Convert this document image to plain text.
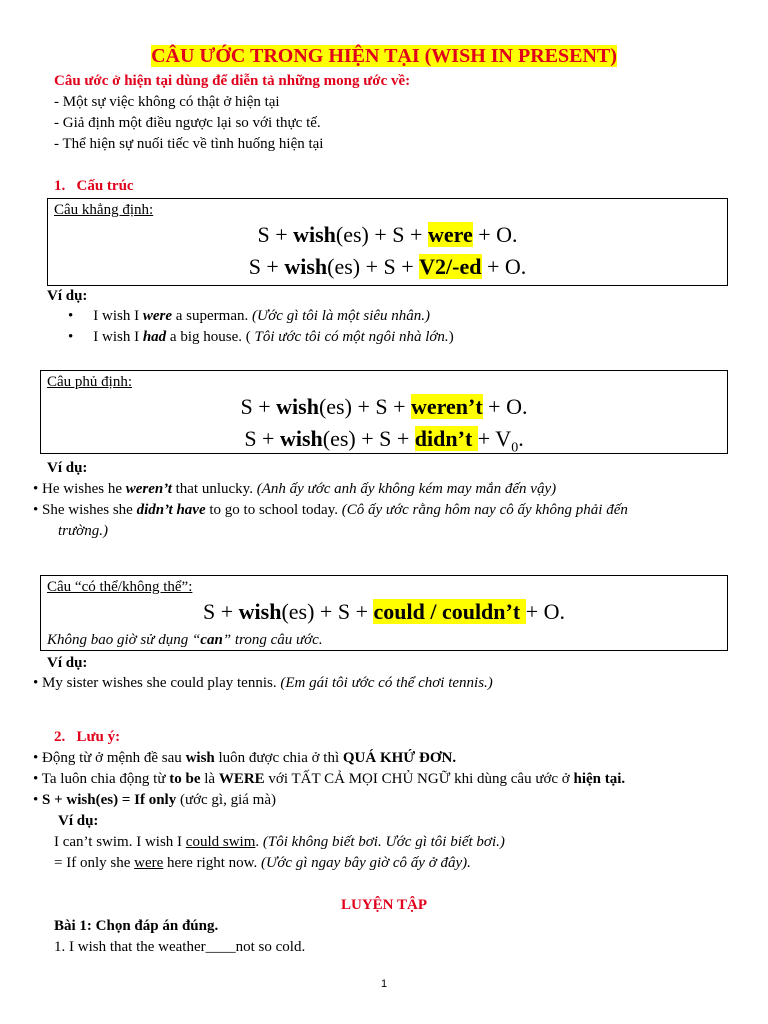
CÂU ƯỚC TRONG HIỆN TẠI (WISH IN PRESENT)
Câu ước ở hiện tại dùng để diễn tả những mong ước về:
- Một sự việc không có thật ở hiện tại
- Giả định một điều ngược lại so với thực tế.
- Thể hiện sự nuối tiếc về tình huống hiện tại
1. Cấu trúc
Câu khẳng định:
S + wish(es) + S + were + O.
S + wish(es) + S + V2/-ed + O.
Ví dụ:
• I wish I were a superman. (Ước gì tôi là một siêu nhân.)
• I wish I had a big house. ( Tôi ước tôi có một ngôi nhà lớn.)
Câu phủ định:
S + wish(es) + S + weren’t + O.
S + wish(es) + S + didn’t + $V_0$.
Ví dụ:
• He wishes he weren’t that unlucky. (Anh ấy ước anh ấy không kém may mắn đến vậy)
• She wishes she didn’t have to go to school today. (Cô ấy ước rằng hôm nay cô ấy không phải đến
trường.)
Câu “có thể/không thể”:
S + wish(es) + S + could / couldn’t + O.
Không bao giờ sử dụng “can” trong câu ước.
Ví dụ:
• My sister wishes she could play tennis. (Em gái tôi ước có thể chơi tennis.)
2. Lưu ý:
• Động từ ở mệnh đề sau wish luôn được chia ở thì QUÁ KHỨ ĐƠN.
• Ta luôn chia động từ to be là WERE với TẤT CẢ MỌI CHỦ NGỮ khi dùng câu ước ở hiện tại.
• S + wish(es) = If only (ước gì, giá mà)
Ví dụ:
I can’t swim. I wish I could swim. (Tôi không biết bơi. Ước gì tôi biết bơi.)
= If only she were here right now. (Ước gì ngay bây giờ cô ấy ở đây).
LUYỆN TẬP
Bài 1: Chọn đáp án đúng.
1. I wish that the weather____not so cold.
1
